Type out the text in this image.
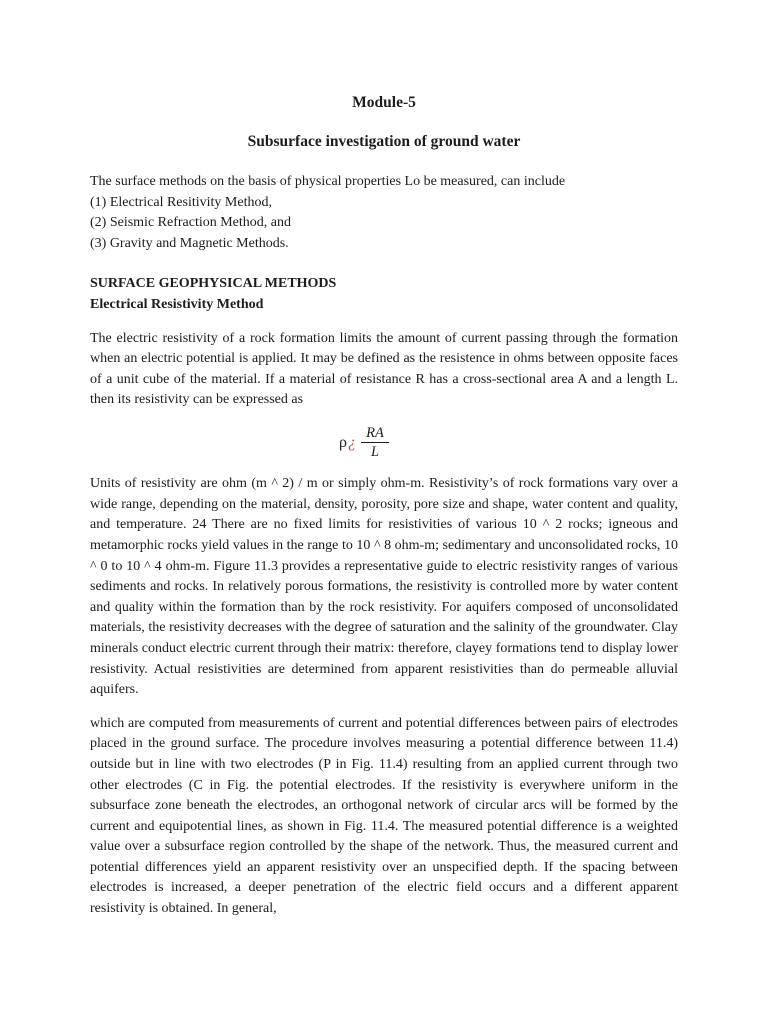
Module-5
Subsurface investigation of ground water
The surface methods on the basis of physical properties Lo be measured, can include
(1) Electrical Resitivity Method,
(2) Seismic Refraction Method, and
(3) Gravity and Magnetic Methods.
SURFACE GEOPHYSICAL METHODS
Electrical Resistivity Method

The electric resistivity of a rock formation limits the amount of current passing through the formation when an electric potential is applied. It may be defined as the resistence in ohms between opposite faces of a unit cube of the material. If a material of resistance R has a cross-sectional area A and a length L. then its resistivity can be expressed as

ρ ¿ $\frac{RA}{L}$

Units of resistivity are ohm (m ^ 2) / m or simply ohm-m. Resistivity’s of rock formations vary over a wide range, depending on the material, density, porosity, pore size and shape, water content and quality, and temperature. 24 There are no fixed limits for resistivities of various 10 ^ 2 rocks; igneous and metamorphic rocks yield values in the range to 10 ^ 8 ohm-m; sedimentary and unconsolidated rocks, 10 ^ 0 to 10 ^ 4 ohm-m. Figure 11.3 provides a representative guide to electric resistivity ranges of various sediments and rocks. In relatively porous formations, the resistivity is controlled more by water content and quality within the formation than by the rock resistivity. For aquifers composed of unconsolidated materials, the resistivity decreases with the degree of saturation and the salinity of the groundwater. Clay minerals conduct electric current through their matrix: therefore, clayey formations tend to display lower resistivity. Actual resistivities are determined from apparent resistivities than do permeable alluvial aquifers.

which are computed from measurements of current and potential differences between pairs of electrodes placed in the ground surface. The procedure involves measuring a potential difference between 11.4) outside but in line with two electrodes (P in Fig. 11.4) resulting from an applied current through two other electrodes (C in Fig. the potential electrodes. If the resistivity is everywhere uniform in the subsurface zone beneath the electrodes, an orthogonal network of circular arcs will be formed by the current and equipotential lines, as shown in Fig. 11.4. The measured potential difference is a weighted value over a subsurface region controlled by the shape of the network. Thus, the measured current and potential differences yield an apparent resistivity over an unspecified depth. If the spacing between electrodes is increased, a deeper penetration of the electric field occurs and a different apparent resistivity is obtained. In general,
